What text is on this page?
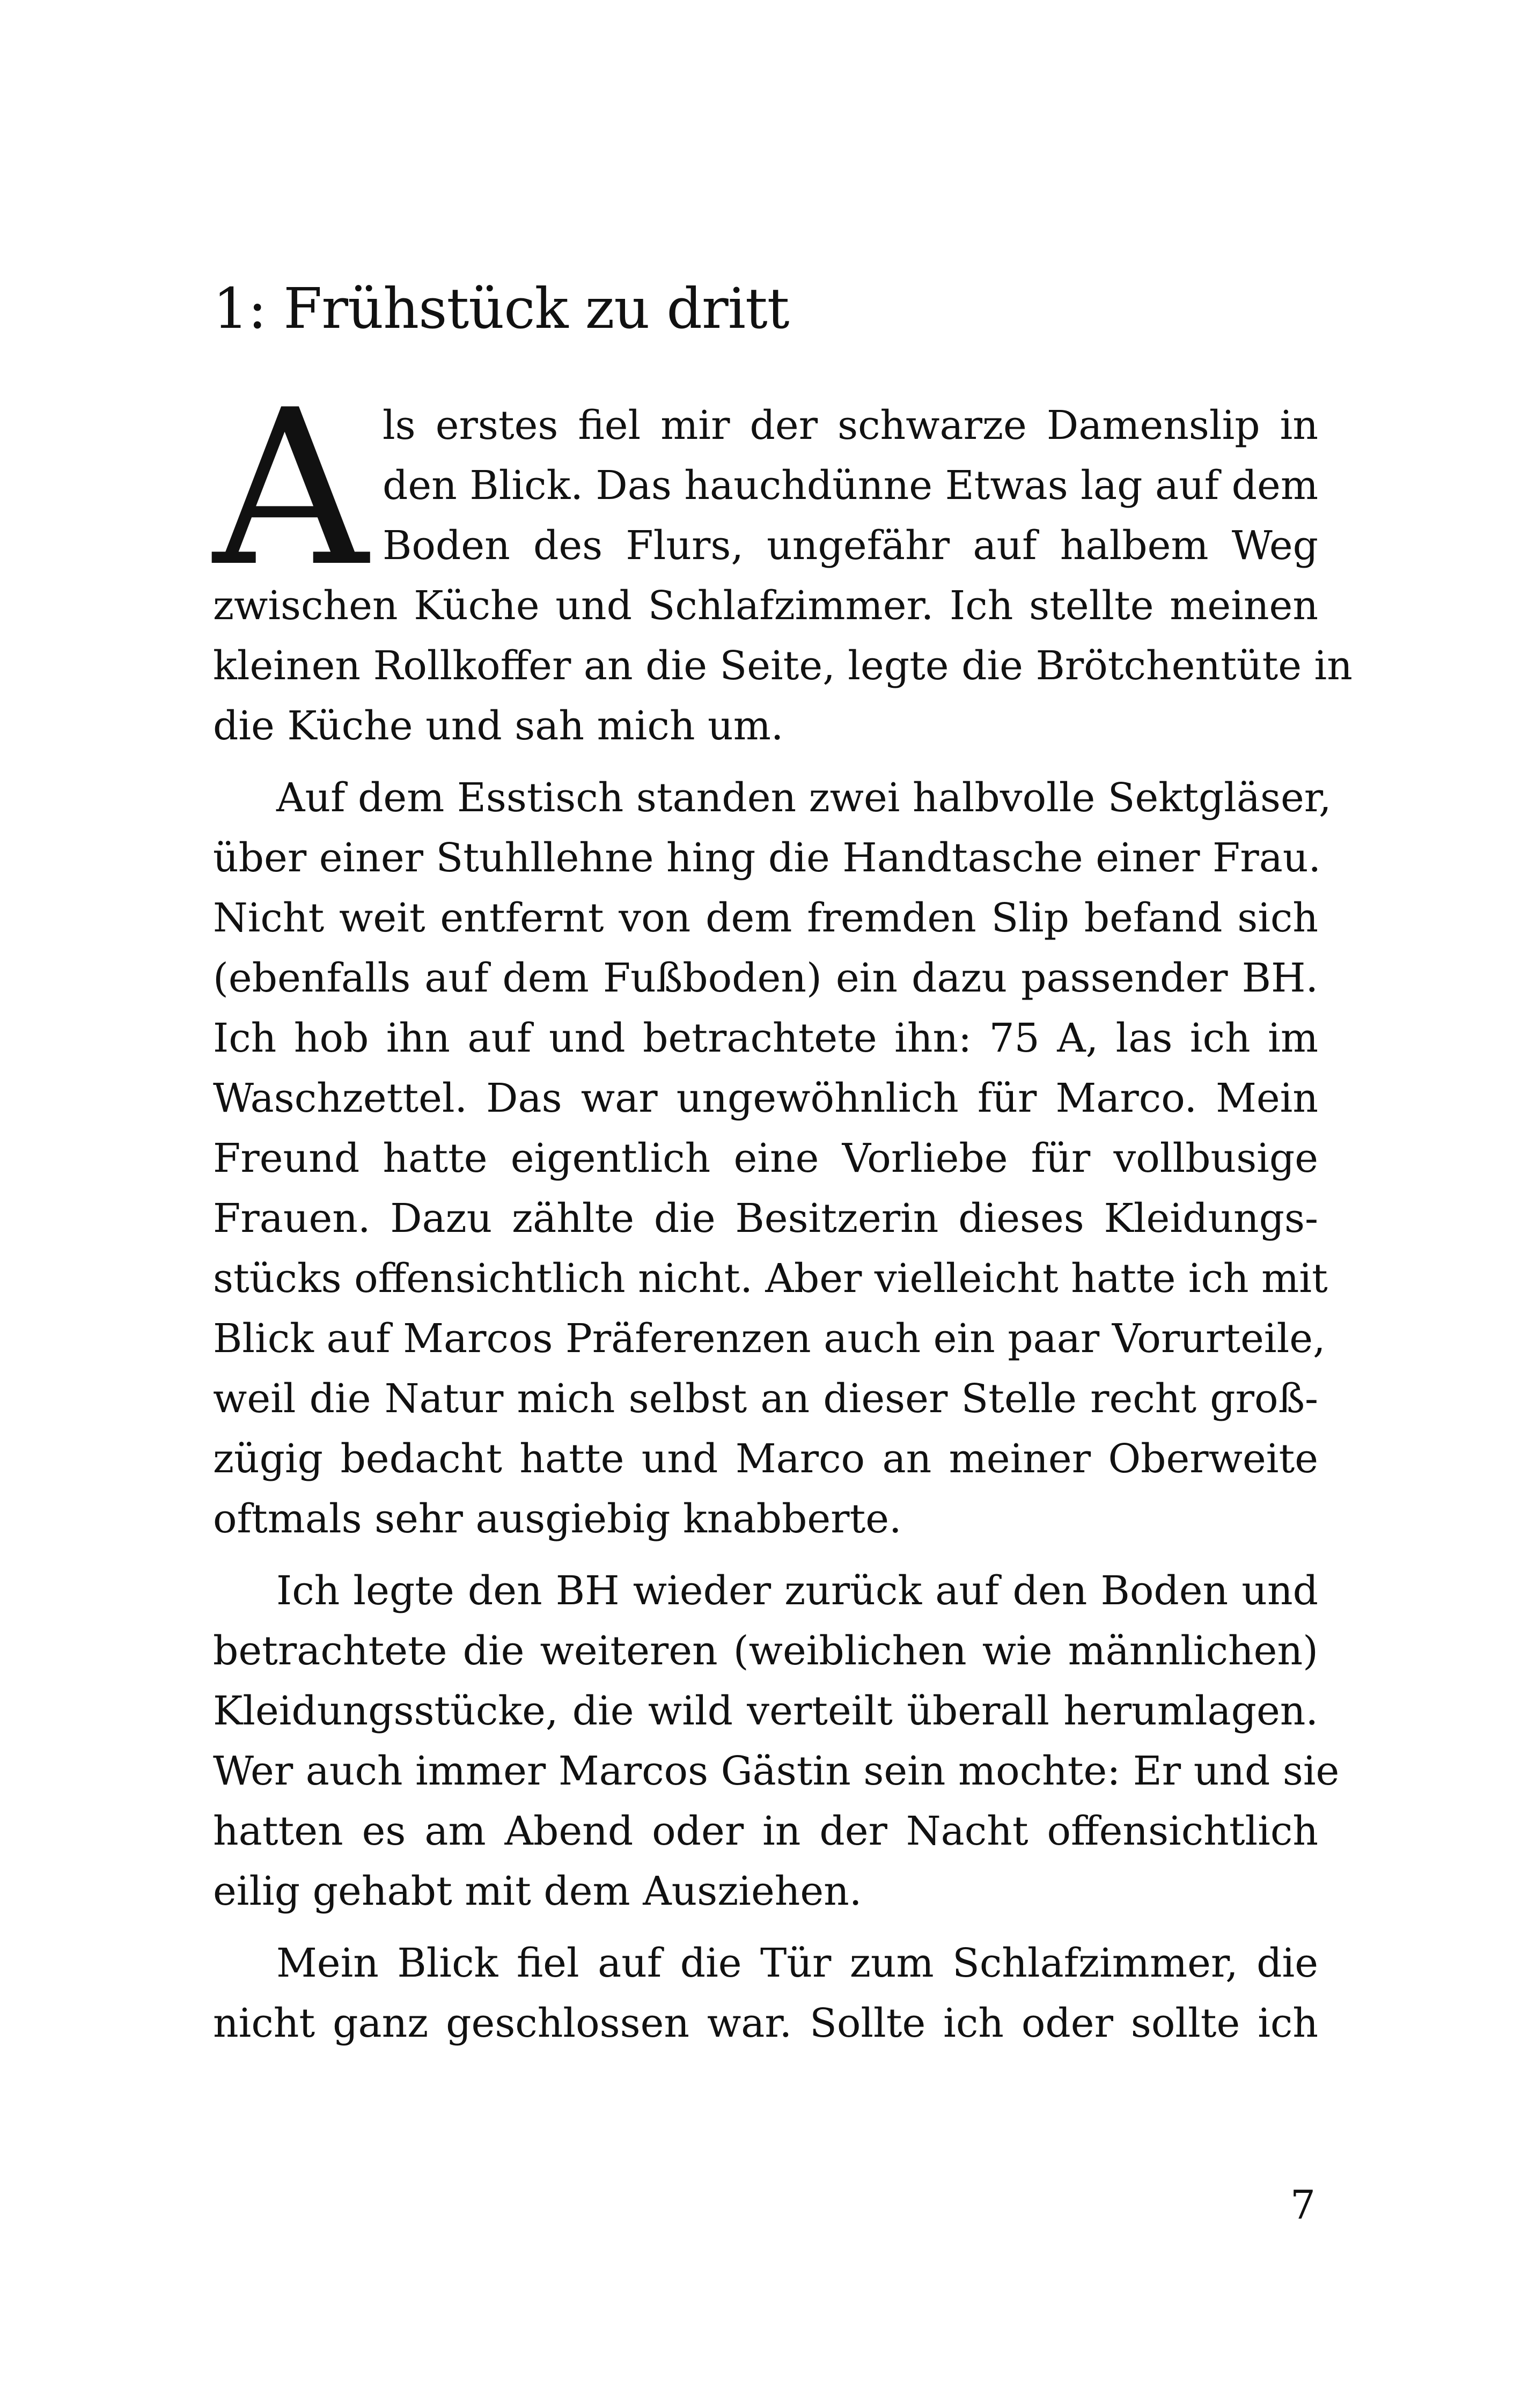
1: Frühstück zu dritt
A ls erstes fiel mir der schwarze Damenslip in
den Blick. Das hauchdünne Etwas lag auf dem
Boden des Flurs, ungefähr auf halbem Weg
zwischen Küche und Schlafzimmer. Ich stellte meinen
kleinen Rollkoffer an die Seite, legte die Brötchentüte in
die Küche und sah mich um.
Auf dem Esstisch standen zwei halbvolle Sektgläser,
über einer Stuhllehne hing die Handtasche einer Frau.
Nicht weit entfernt von dem fremden Slip befand sich
(ebenfalls auf dem Fußboden) ein dazu passender BH.
Ich hob ihn auf und betrachtete ihn: 75 A, las ich im
Waschzettel. Das war ungewöhnlich für Marco. Mein
Freund hatte eigentlich eine Vorliebe für vollbusige
Frauen. Dazu zählte die Besitzerin dieses Kleidungs-
stücks offensichtlich nicht. Aber vielleicht hatte ich mit
Blick auf Marcos Präferenzen auch ein paar Vorurteile,
weil die Natur mich selbst an dieser Stelle recht groß-
zügig bedacht hatte und Marco an meiner Oberweite
oftmals sehr ausgiebig knabberte.
Ich legte den BH wieder zurück auf den Boden und
betrachtete die weiteren (weiblichen wie männlichen)
Kleidungsstücke, die wild verteilt überall herumlagen.
Wer auch immer Marcos Gästin sein mochte: Er und sie
hatten es am Abend oder in der Nacht offensichtlich
eilig gehabt mit dem Ausziehen.
Mein Blick fiel auf die Tür zum Schlafzimmer, die
nicht ganz geschlossen war. Sollte ich oder sollte ich
7
